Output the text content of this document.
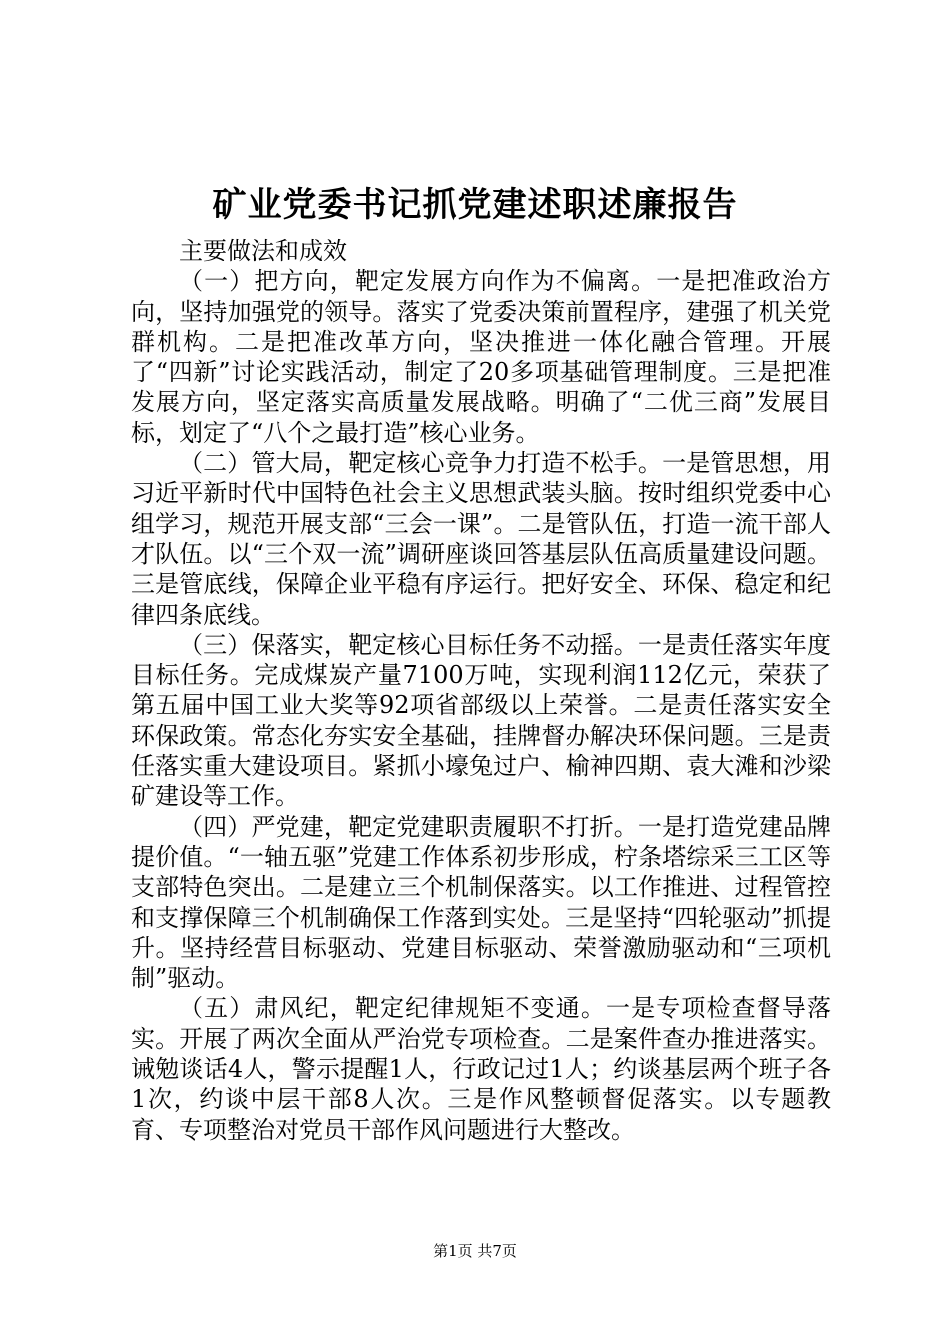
矿业党委书记抓党建述职述廉报告

主要做法和成效

（一）把方向，靶定发展方向作为不偏离。一是把准政治方向，坚持加强党的领导。落实了党委决策前置程序，建强了机关党群机构。二是把准改革方向，坚决推进一体化融合管理。开展了“四新”讨论实践活动，制定了20多项基础管理制度。三是把准发展方向，坚定落实高质量发展战略。明确了“二优三商”发展目标，划定了“八个之最打造”核心业务。

（二）管大局，靶定核心竞争力打造不松手。一是管思想，用习近平新时代中国特色社会主义思想武装头脑。按时组织党委中心组学习，规范开展支部“三会一课”。二是管队伍，打造一流干部人才队伍。以“三个双一流”调研座谈回答基层队伍高质量建设问题。三是管底线，保障企业平稳有序运行。把好安全、环保、稳定和纪律四条底线。

（三）保落实，靶定核心目标任务不动摇。一是责任落实年度目标任务。完成煤炭产量7100万吨，实现利润112亿元，荣获了第五届中国工业大奖等92项省部级以上荣誉。二是责任落实安全环保政策。常态化夯实安全基础，挂牌督办解决环保问题。三是责任落实重大建设项目。紧抓小壕兔过户、榆神四期、袁大滩和沙梁矿建设等工作。

（四）严党建，靶定党建职责履职不打折。一是打造党建品牌提价值。“一轴五驱”党建工作体系初步形成，柠条塔综采三工区等支部特色突出。二是建立三个机制保落实。以工作推进、过程管控和支撑保障三个机制确保工作落到实处。三是坚持“四轮驱动”抓提升。坚持经营目标驱动、党建目标驱动、荣誉激励驱动和“三项机制”驱动。

（五）肃风纪，靶定纪律规矩不变通。一是专项检查督导落实。开展了两次全面从严治党专项检查。二是案件查办推进落实。诫勉谈话4人，警示提醒1人，行政记过1人；约谈基层两个班子各1次，约谈中层干部8人次。三是作风整顿督促落实。以专题教育、专项整治对党员干部作风问题进行大整改。

第1页 共7页
